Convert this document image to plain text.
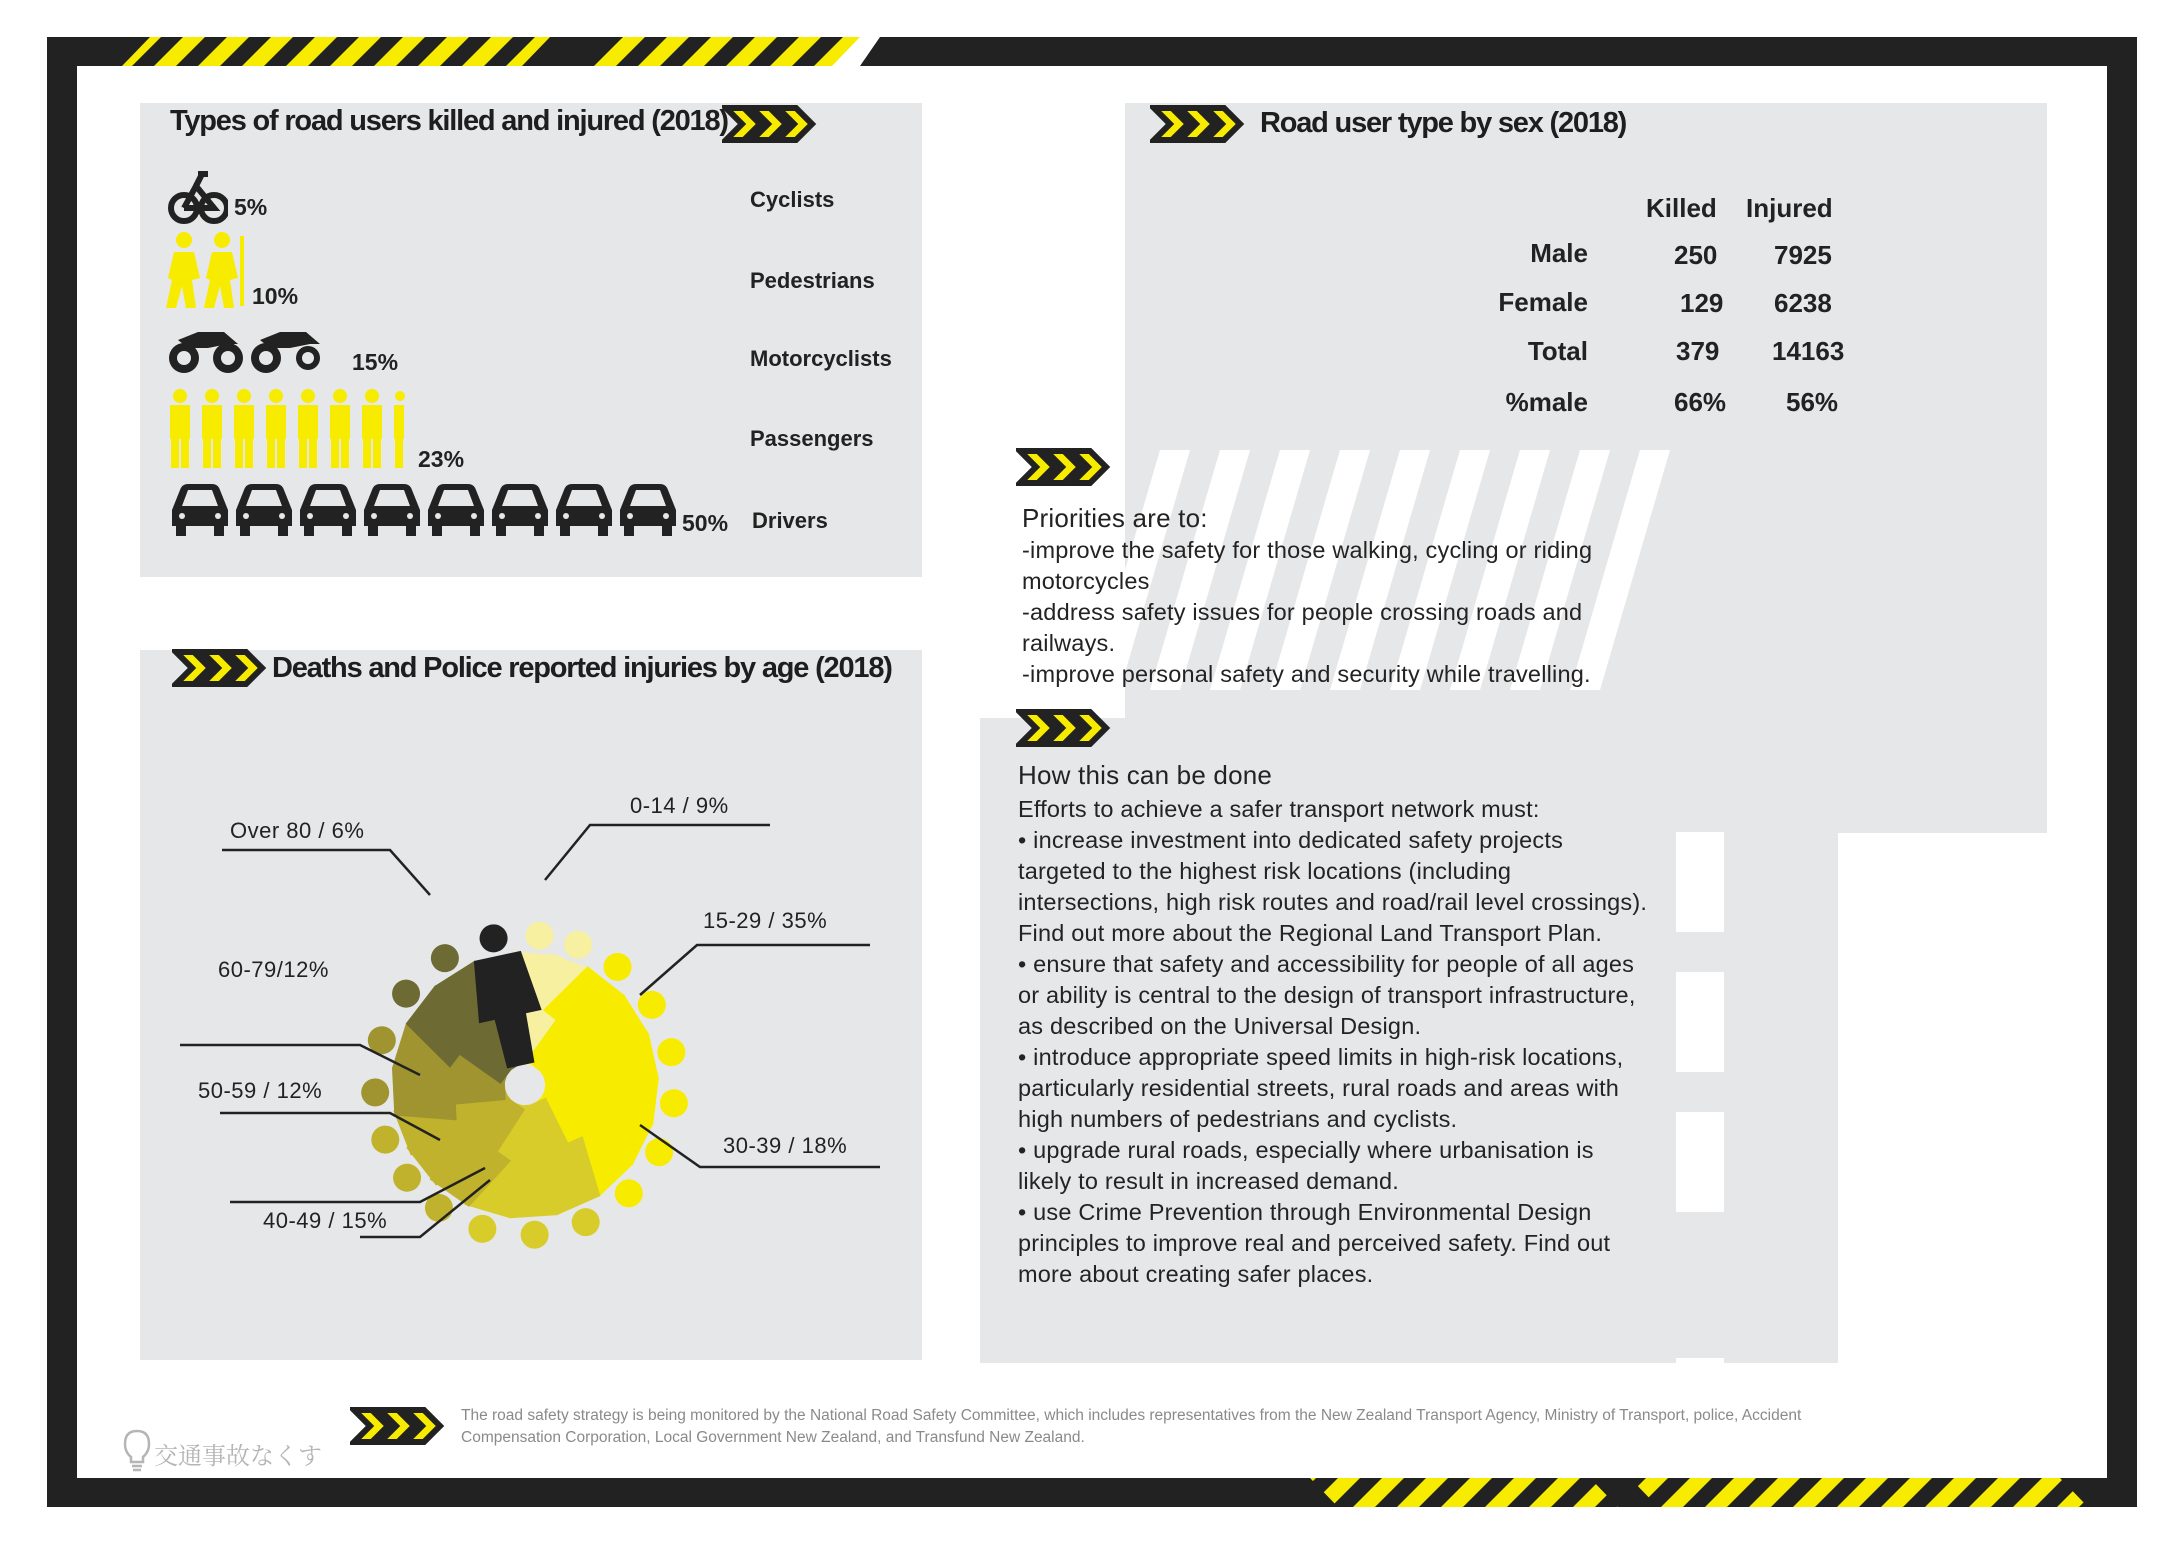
Types of road users killed and injured (2018)
Cyclists
Pedestrians
Motorcyclists
Passengers
Drivers
5%
10%
15%
23%
50%
Deaths and Police reported injuries by age (2018)
0-14 / 9%
15-29 / 35%
30-39 / 18%
40-49 / 15%
50-59 / 12%
60-79/12%
Over 80 / 6%
Road user type by sex (2018)
Killed Injured
Male	250 7925
Female	129 6238
Total	379 14163
%male	66% 56%
Priorities are to:
-improve the safety for those walking, cycling or riding motorcycles
-address safety issues for people crossing roads and railways.
-improve personal safety and security while travelling.
How this can be done
Efforts to achieve a safer transport network must:
• increase investment into dedicated safety projects targeted to the highest risk locations (including intersections, high risk routes and road/rail level crossings). Find out more about the Regional Land Transport Plan.
• ensure that safety and accessibility for people of all ages or ability is central to the design of transport infrastructure, as described on the Universal Design.
• introduce appropriate speed limits in high-risk locations, particularly residential streets, rural roads and areas with high numbers of pedestrians and cyclists.
• upgrade rural roads, especially where urbanisation is likely to result in increased demand.
• use Crime Prevention through Environmental Design principles to improve real and perceived safety. Find out more about creating safer places.
The road safety strategy is being monitored by the National Road Safety Committee, which includes representatives from the New Zealand Transport Agency, Ministry of Transport, police, Accident Compensation Corporation, Local Government New Zealand, and Transfund New Zealand.
交通事故なくす
